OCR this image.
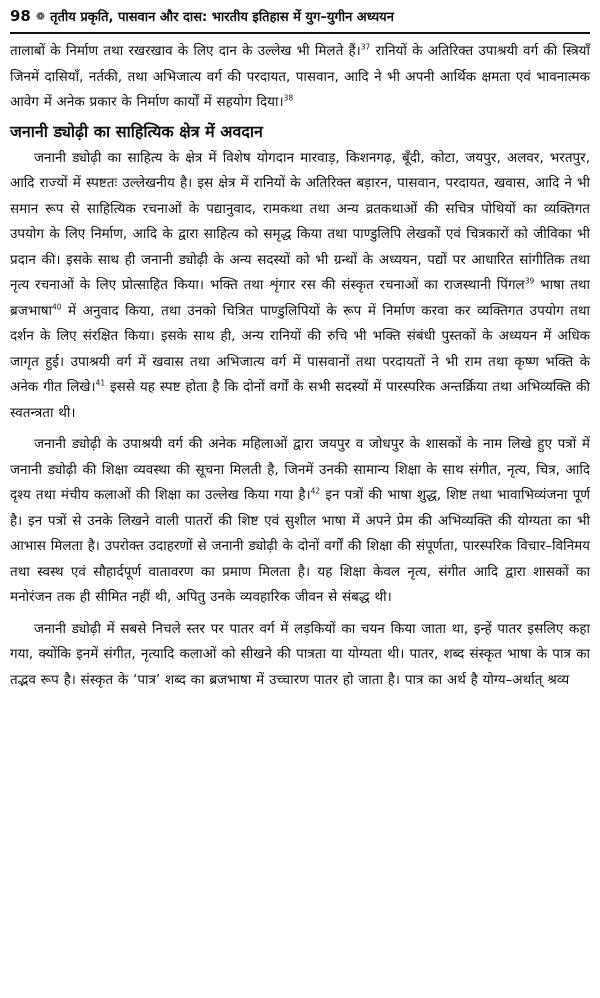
98 ❁ तृतीय प्रकृति, पासवान और दास: भारतीय इतिहास में युग–युगीन अध्ययन

तालाबों के निर्माण तथा रखरखाव के लिए दान के उल्लेख भी मिलते हैं।$^{37}$ रानियों के अतिरिक्त उपाश्रयी वर्ग की स्त्रियाँ जिनमें दासियाँ, नर्तकी, तथा अभिजात्य वर्ग की परदायत, पासवान, आदि ने भी अपनी आर्थिक क्षमता एवं भावनात्मक आवेग में अनेक प्रकार के निर्माण कार्यों में सहयोग दिया।$^{38}$

जनानी ड्योढ़ी का साहित्यिक क्षेत्र में अवदान

जनानी ड्योढ़ी का साहित्य के क्षेत्र में विशेष योगदान मारवाड़, किशनगढ़, बूँदी, कोटा, जयपुर, अलवर, भरतपुर, आदि राज्यों में स्पष्टतः उल्लेखनीय है। इस क्षेत्र में रानियों के अतिरिक्त बड़ारन, पासवान, परदायत, खवास, आदि ने भी समान रूप से साहित्यिक रचनाओं के पद्यानुवाद, रामकथा तथा अन्य व्रतकथाओं की सचित्र पोथियों का व्यक्तिगत उपयोग के लिए निर्माण, आदि के द्वारा साहित्य को समृद्ध किया तथा पाण्डुलिपि लेखकों एवं चित्रकारों को जीविका भी प्रदान की। इसके साथ ही जनानी ड्योढ़ी के अन्य सदस्यों को भी ग्रन्थों के अध्ययन, पद्यों पर आधारित सांगीतिक तथा नृत्य रचनाओं के लिए प्रोत्साहित किया। भक्ति तथा शृंगार रस की संस्कृत रचनाओं का राजस्थानी पिंगल$^{39}$ भाषा तथा ब्रजभाषा$^{40}$ में अनुवाद किया, तथा उनको चित्रित पाण्डुलिपियों के रूप में निर्माण करवा कर व्यक्तिगत उपयोग तथा दर्शन के लिए संरक्षित किया। इसके साथ ही, अन्य रानियों की रुचि भी भक्ति संबंधी पुस्तकों के अध्ययन में अधिक जागृत हुई। उपाश्रयी वर्ग में खवास तथा अभिजात्य वर्ग में पासवानों तथा परदायतों ने भी राम तथा कृष्ण भक्ति के अनेक गीत लिखे।$^{41}$ इससे यह स्पष्ट होता है कि दोनों वर्गों के सभी सदस्यों में पारस्परिक अन्तर्क्रिया तथा अभिव्यक्ति की स्वतन्त्रता थी।

जनानी ड्योढ़ी के उपाश्रयी वर्ग की अनेक महिलाओं द्वारा जयपुर व जोधपुर के शासकों के नाम लिखे हुए पत्रों में जनानी ड्योढ़ी की शिक्षा व्यवस्था की सूचना मिलती है, जिनमें उनकी सामान्य शिक्षा के साथ संगीत, नृत्य, चित्र, आदि दृश्य तथा मंचीय कलाओं की शिक्षा का उल्लेख किया गया है।$^{42}$ इन पत्रों की भाषा शुद्ध, शिष्ट तथा भावाभिव्यंजना पूर्ण है। इन पत्रों से उनके लिखने वाली पातरों की शिष्ट एवं सुशील भाषा में अपने प्रेम की अभिव्यक्ति की योग्यता का भी आभास मिलता है। उपरोक्त उदाहरणों से जनानी ड्योढ़ी के दोनों वर्गों की शिक्षा की संपूर्णता, पारस्परिक विचार–विनिमय तथा स्वस्थ एवं सौहार्दपूर्ण वातावरण का प्रमाण मिलता है। यह शिक्षा केवल नृत्य, संगीत आदि द्वारा शासकों का मनोरंजन तक ही सीमित नहीं थी, अपितु उनके व्यवहारिक जीवन से संबद्ध थी।

जनानी ड्योढ़ी में सबसे निचले स्तर पर पातर वर्ग में लड़कियों का चयन किया जाता था, इन्हें पातर इसलिए कहा गया, क्योंकि इनमें संगीत, नृत्यादि कलाओं को सीखने की पात्रता या योग्यता थी। पातर, शब्द संस्कृत भाषा के पात्र का तद्भव रूप है। संस्कृत के ‘पात्र’ शब्द का ब्रजभाषा में उच्चारण पातर हो जाता है। पात्र का अर्थ है योग्य–अर्थात् श्रव्य
